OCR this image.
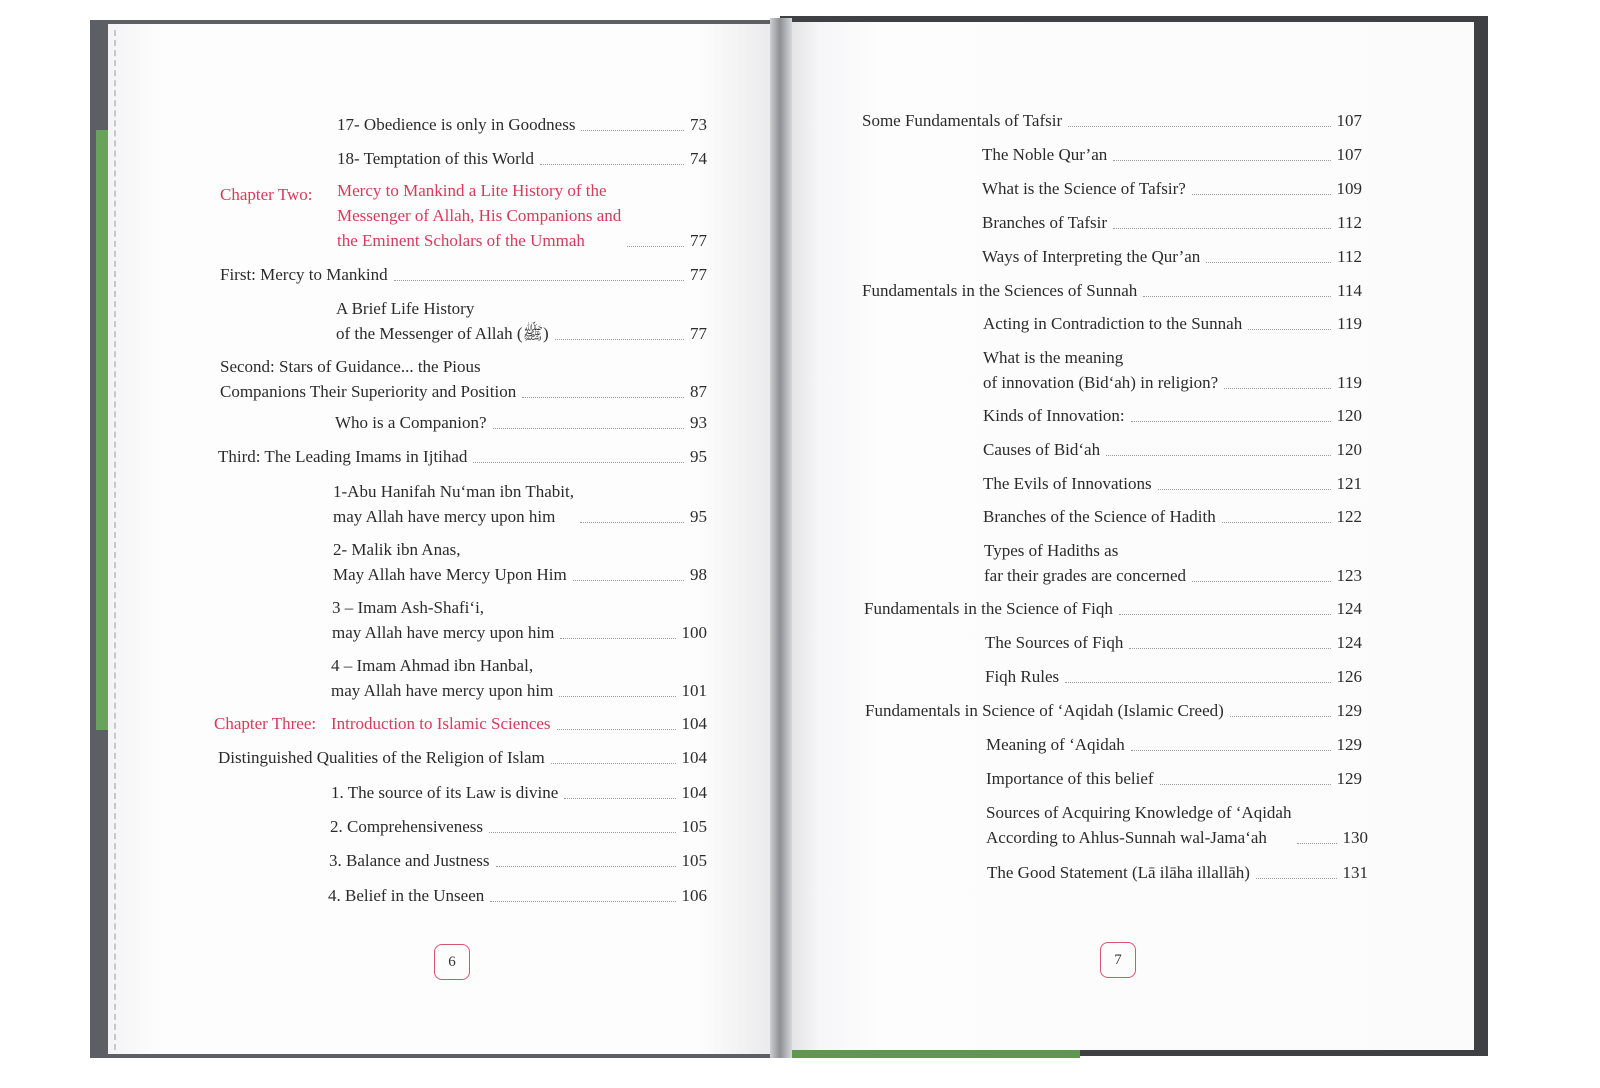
17- Obedience is only in Goodness	73
18- Temptation of this World	74
Chapter Two: Mercy to Mankind a Lite History of the
Messenger of Allah, His Companions and
the Eminent Scholars of the Ummah	77
First: Mercy to Mankind	77
A Brief Life History
of the Messenger of Allah (ﷺ)	77
Second: Stars of Guidance... the Pious
Companions Their Superiority and Position	87
Who is a Companion?	93
Third: The Leading Imams in Ijtihad	95
1-Abu Hanifah Nu‘man ibn Thabit,
may Allah have mercy upon him	95
2- Malik ibn Anas,
May Allah have Mercy Upon Him	98
3 – Imam Ash-Shafi‘i,
may Allah have mercy upon him	100
4 – Imam Ahmad ibn Hanbal,
may Allah have mercy upon him	101
Chapter Three: Introduction to Islamic Sciences	104
Distinguished Qualities of the Religion of Islam	104
1. The source of its Law is divine	104
2. Comprehensiveness	105
3. Balance and Justness	105
4. Belief in the Unseen	106
6
Some Fundamentals of Tafsir	107
The Noble Qur’an	107
What is the Science of Tafsir?	109
Branches of Tafsir	112
Ways of Interpreting the Qur’an	112
Fundamentals in the Sciences of Sunnah	114
Acting in Contradiction to the Sunnah	119
What is the meaning
of innovation (Bid‘ah) in religion?	119
Kinds of Innovation:	120
Causes of Bid‘ah	120
The Evils of Innovations	121
Branches of the Science of Hadith	122
Types of Hadiths as
far their grades are concerned	123
Fundamentals in the Science of Fiqh	124
The Sources of Fiqh	124
Fiqh Rules	126
Fundamentals in Science of ‘Aqidah (Islamic Creed)	129
Meaning of ‘Aqidah	129
Importance of this belief	129
Sources of Acquiring Knowledge of ‘Aqidah
According to Ahlus-Sunnah wal-Jama‘ah	130
The Good Statement (Lā ilāha illallāh)	131
7
